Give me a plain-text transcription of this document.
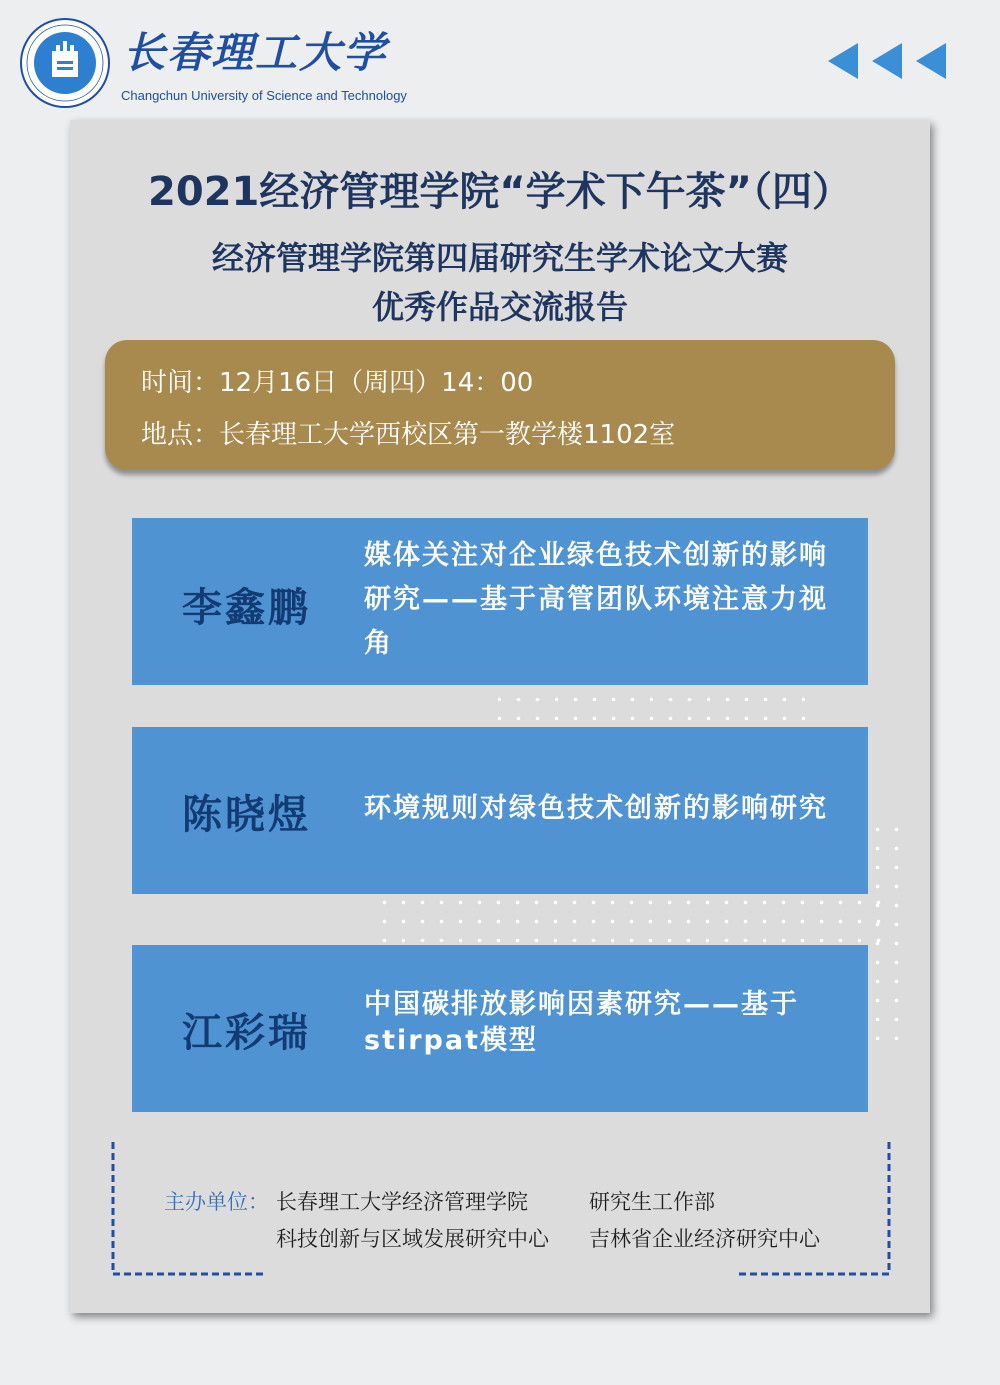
长春理工大学
Changchun University of Science and Technology
2021经济管理学院“学术下午茶”（四）
经济管理学院第四届研究生学术论文大赛
优秀作品交流报告
时间：12月16日（周四）14：00
地点：长春理工大学西校区第一教学楼1102室
李鑫鹏
媒体关注对企业绿色技术创新的影响研究——基于高管团队环境注意力视角
陈晓煜 环境规则对绿色技术创新的影响研究
江彩瑞
中国碳排放影响因素研究——基于stirpat模型
主办单位： 长春理工大学经济管理学院	研究生工作部
科技创新与区域发展研究中心 吉林省企业经济研究中心
